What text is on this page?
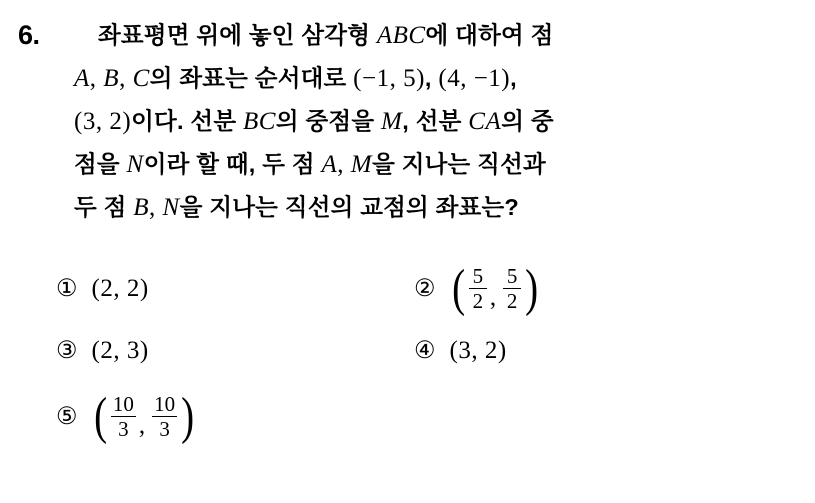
6.	좌표평면 위에 놓인 삼각형 ABC에 대하여 점
A, B, C의 좌표는 순서대로 (−1, 5), (4, −1),
(3, 2)이다. 선분 BC의 중점을 M, 선분 CA의 중
점을 N이라 할 때, 두 점 A, M을 지나는 직선과
두 점 B, N을 지나는 직선의 교점의 좌표는?
① (2, 2)	② ( $\frac{5}{2}$ , $\frac{5}{2}$ )
③ (2, 3)	④ (3, 2)
⑤ ( $\frac{10}{3}$ , $\frac{10}{3}$ )
